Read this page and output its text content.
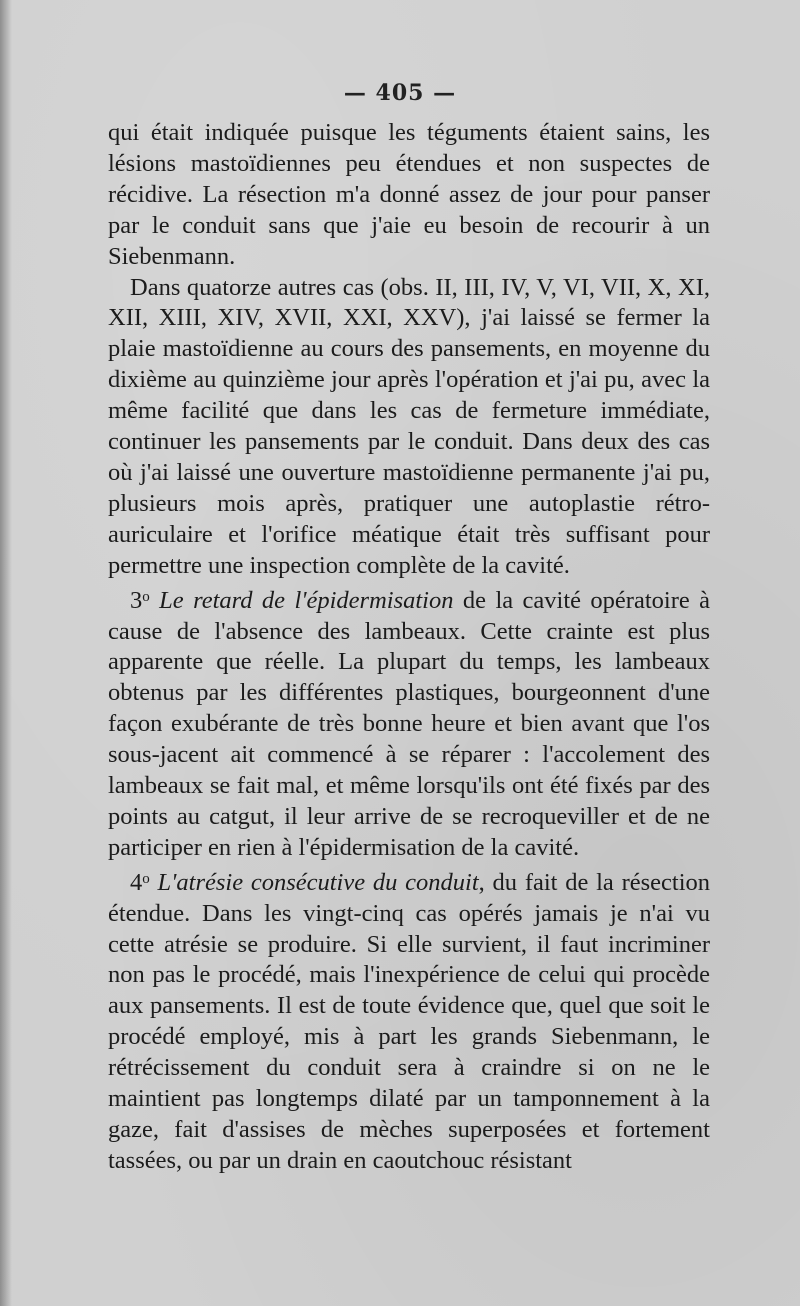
— 405 —

qui était indiquée puisque les téguments étaient sains, les lésions mastoïdiennes peu étendues et non suspectes de récidive. La résection m'a donné assez de jour pour panser par le conduit sans que j'aie eu besoin de recourir à un Siebenmann.

Dans quatorze autres cas (obs. II, III, IV, V, VI, VII, X, XI, XII, XIII, XIV, XVII, XXI, XXV), j'ai laissé se fermer la plaie mastoïdienne au cours des pansements, en moyenne du dixième au quinzième jour après l'opération et j'ai pu, avec la même facilité que dans les cas de fermeture immédiate, continuer les pansements par le conduit. Dans deux des cas où j'ai laissé une ouverture mastoïdienne permanente j'ai pu, plusieurs mois après, pratiquer une autoplastie rétro-auriculaire et l'orifice méatique était très suffisant pour permettre une inspection complète de la cavité.

3$^o$ Le retard de l'épidermisation de la cavité opératoire à cause de l'absence des lambeaux. Cette crainte est plus apparente que réelle. La plupart du temps, les lambeaux obtenus par les différentes plastiques, bourgeonnent d'une façon exubérante de très bonne heure et bien avant que l'os sous-jacent ait commencé à se réparer : l'accolement des lambeaux se fait mal, et même lorsqu'ils ont été fixés par des points au catgut, il leur arrive de se recroqueviller et de ne participer en rien à l'épidermisation de la cavité.

4$^o$ L'atrésie consécutive du conduit, du fait de la résection étendue. Dans les vingt-cinq cas opérés jamais je n'ai vu cette atrésie se produire. Si elle survient, il faut incriminer non pas le procédé, mais l'inexpérience de celui qui procède aux pansements. Il est de toute évidence que, quel que soit le procédé employé, mis à part les grands Siebenmann, le rétrécissement du conduit sera à craindre si on ne le maintient pas longtemps dilaté par un tamponnement à la gaze, fait d'assises de mèches superposées et fortement tassées, ou par un drain en caoutchouc résistant
